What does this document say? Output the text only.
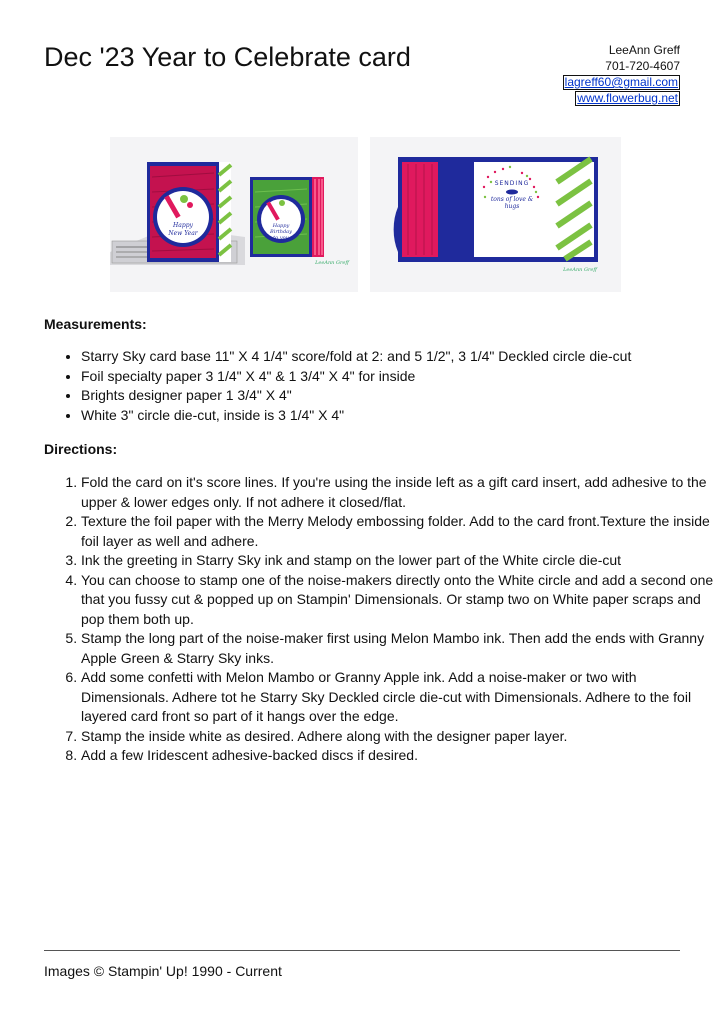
Dec '23 Year to Celebrate card	LeeAnn Greff
701-720-4607
lagreff60@gmail.com
www.flowerbug.net
Happy
New Year
Happy
Birthday
to you
LeeAnn Greff
SENDING
tons of love &
hugs
LeeAnn Greff
Measurements:
• Starry Sky card base 11" X 4 1/4" score/fold at 2: and 5 1/2", 3 1/4" Deckled circle die-cut
• Foil specialty paper 3 1/4" X 4" & 1 3/4" X 4" for inside
• Brights designer paper 1 3/4" X 4"
• White 3" circle die-cut, inside is 3 1/4" X 4"
Directions:
1. Fold the card on it's score lines. If you're using the inside left as a gift card insert, add adhesive to the upper & lower edges only. If not adhere it closed/flat.
2. Texture the foil paper with the Merry Melody embossing folder. Add to the card front.Texture the inside foil layer as well and adhere.
3. Ink the greeting in Starry Sky ink and stamp on the lower part of the White circle die-cut
4. You can choose to stamp one of the noise-makers directly onto the White circle and add a second one that you fussy cut & popped up on Stampin' Dimensionals. Or stamp two on White paper scraps and pop them both up.
5. Stamp the long part of the noise-maker first using Melon Mambo ink. Then add the ends with Granny Apple Green & Starry Sky inks.
6. Add some confetti with Melon Mambo or Granny Apple ink. Add a noise-maker or two with Dimensionals. Adhere tot he Starry Sky Deckled circle die-cut with Dimensionals. Adhere to the foil layered card front so part of it hangs over the edge.
7. Stamp the inside white as desired. Adhere along with the designer paper layer.
8. Add a few Iridescent adhesive-backed discs if desired.
Images © Stampin' Up! 1990 - Current
